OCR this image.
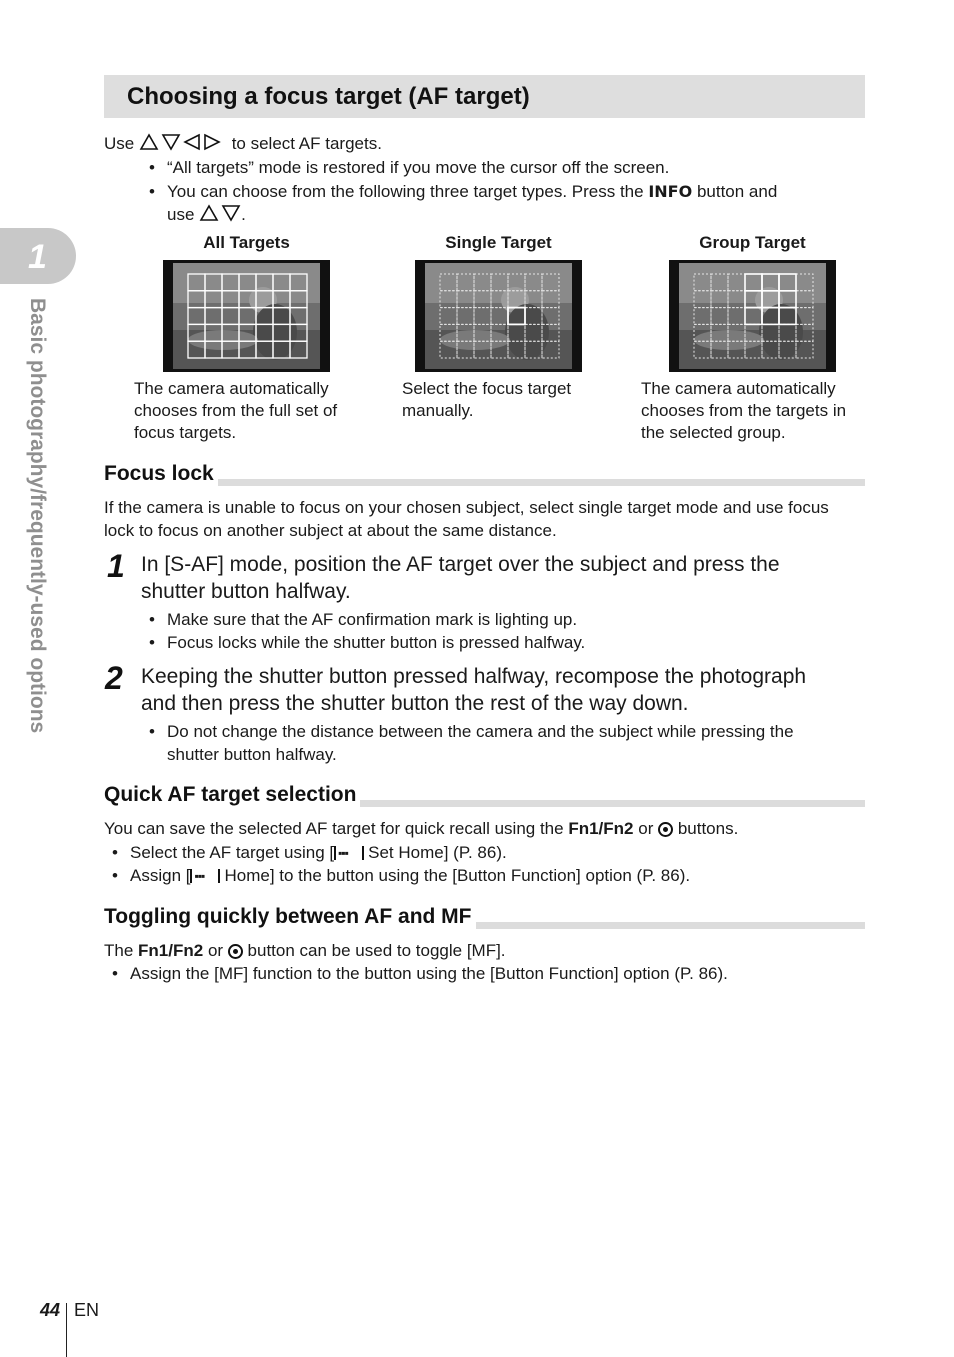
1
Basic photography/frequently-used options
Choosing a focus target (AF target)
Use	to select AF targets.
• “All targets” mode is restored if you move the cursor off the screen.
• You can choose from the following three target types. Press the INFO button and
use	.
All Targets	Single Target	Group Target
The camera automatically chooses from the full set of focus targets.
Select the focus target manually.
The camera automatically chooses from the targets in the selected group.
Focus lock
If the camera is unable to focus on your chosen subject, select single target mode and use focus lock to focus on another subject at about the same distance.
1 In [S-AF] mode, position the AF target over the subject and press the
shutter button halfway.
• Make sure that the AF confirmation mark is lighting up.
• Focus locks while the shutter button is pressed halfway.
2 Keeping the shutter button pressed halfway, recompose the photograph
and then press the shutter button the rest of the way down.
• Do not change the distance between the camera and the subject while pressing the
shutter button halfway.
Quick AF target selection
You can save the selected AF target for quick recall using the Fn1/Fn2 or buttons.
• Select the AF target using [ ▪▪▪ Set Home] (P. 86).
• Assign [ ▪▪▪ Home] to the button using the [Button Function] option (P. 86).
Toggling quickly between AF and MF
The Fn1/Fn2 or button can be used to toggle [MF].
• Assign the [MF] function to the button using the [Button Function] option (P. 86).
44 EN
